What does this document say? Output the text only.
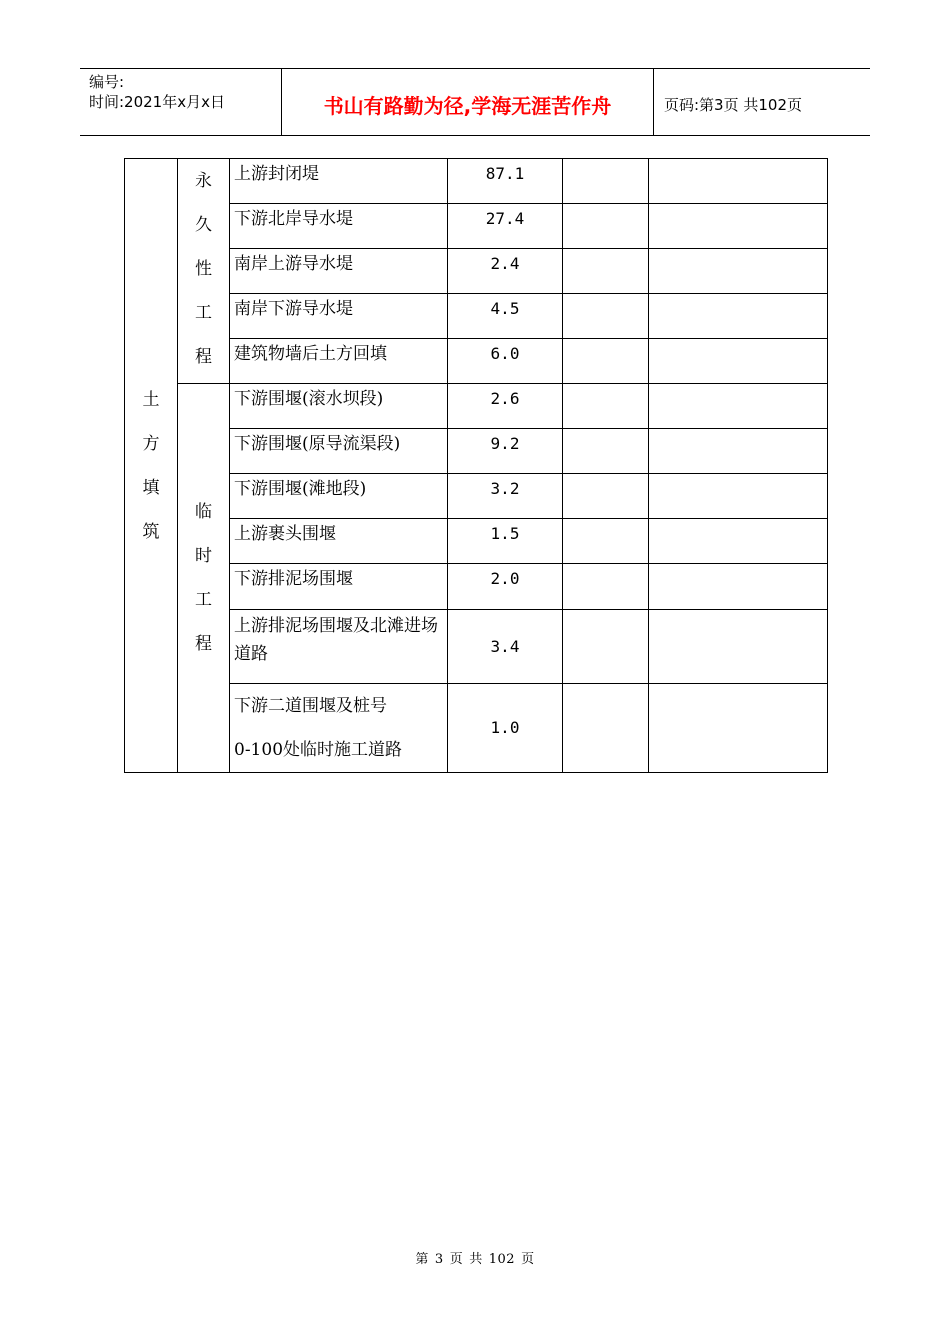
编号:
时间:2021年x月x日	书山有路勤为径,学海无涯苦作舟	页码:第3页 共102页
土
方
填
筑	永
久
性
工
程	上游封闭堤	87.1		
		下游北岸导水堤	27.4		
		南岸上游导水堤	2.4		
		南岸下游导水堤	4.5		
		建筑物墙后土方回填	6.0		

	临
时
工
程	下游围堰(滚水坝段)	2.6		
		下游围堰(原导流渠段)	9.2		
		下游围堰(滩地段)	3.2		
		上游裹头围堰	1.5		
		下游排泥场围堰	2.0		
		上游排泥场围堰及北滩进场道路	3.4		

		下游二道围堰及桩号
0-100处临时施工道路	1.0		
第 3 页 共 102 页
